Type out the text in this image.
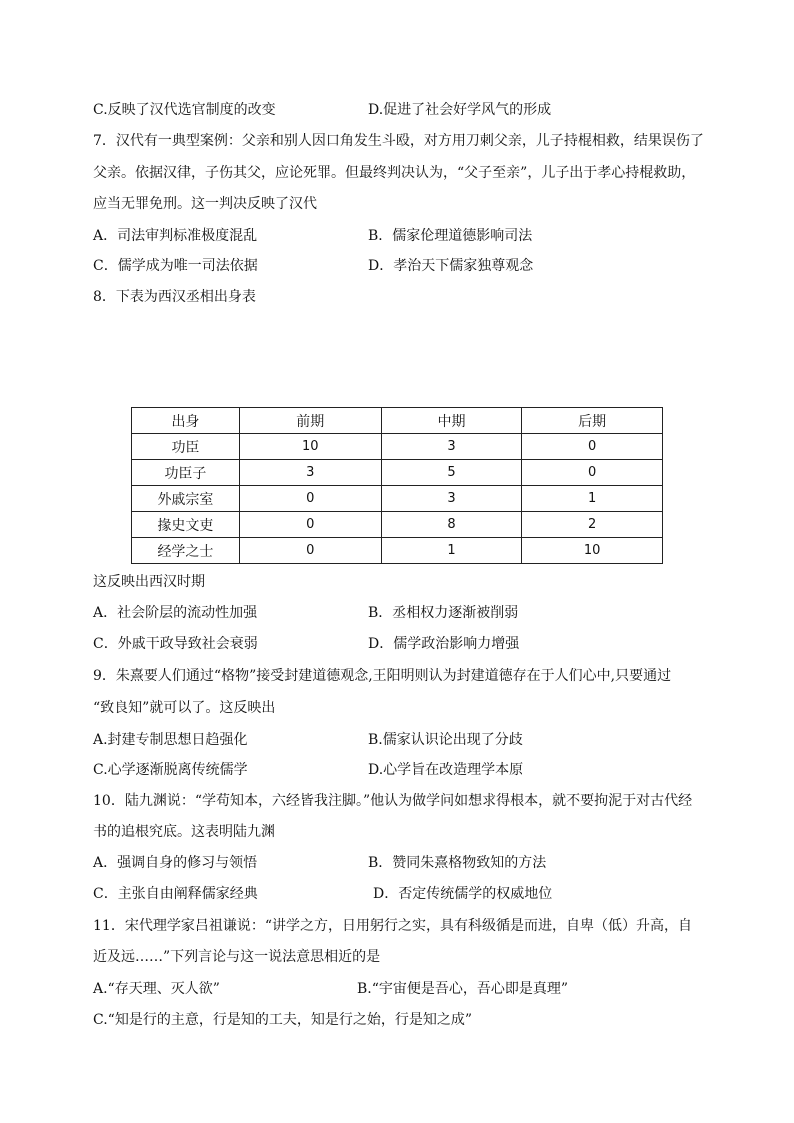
C.反映了汉代选官制度的改变	D.促进了社会好学风气的形成
7．汉代有一典型案例：父亲和别人因口角发生斗殴，对方用刀刺父亲，儿子持棍相救，结果误伤了
父亲。依据汉律，子伤其父，应论死罪。但最终判决认为，“父子至亲”，儿子出于孝心持棍救助，
应当无罪免刑。这一判决反映了汉代
A．司法审判标准极度混乱	B．儒家伦理道德影响司法
C．儒学成为唯一司法依据	D．孝治天下儒家独尊观念
8．下表为西汉丞相出身表
出身	前期	中期	后期
功臣	10	3	0
功臣子	3	5	0
外戚宗室	0	3	1
掾史文吏	0	8	2
经学之士	0	1	10
这反映出西汉时期
A．社会阶层的流动性加强	B．丞相权力逐渐被削弱
C．外戚干政导致社会衰弱	D．儒学政治影响力增强
9．朱熹要人们通过“格物”接受封建道德观念,王阳明则认为封建道德存在于人们心中,只要通过
“致良知”就可以了。这反映出
A.封建专制思想日趋强化	B.儒家认识论出现了分歧
C.心学逐渐脱离传统儒学	D.心学旨在改造理学本原
10．陆九渊说：“学苟知本，六经皆我注脚。”他认为做学问如想求得根本，就不要拘泥于对古代经
书的追根究底。这表明陆九渊
A．强调自身的修习与领悟	B．赞同朱熹格物致知的方法
C．主张自由阐释儒家经典	D．否定传统儒学的权威地位
11．宋代理学家吕祖谦说：“讲学之方，日用躬行之实，具有科级循是而进，自卑（低）升高，自
近及远……”下列言论与这一说法意思相近的是
A.“存天理、灭人欲”	B.“宇宙便是吾心，吾心即是真理”
C.“知是行的主意，行是知的工夫，知是行之始，行是知之成”
